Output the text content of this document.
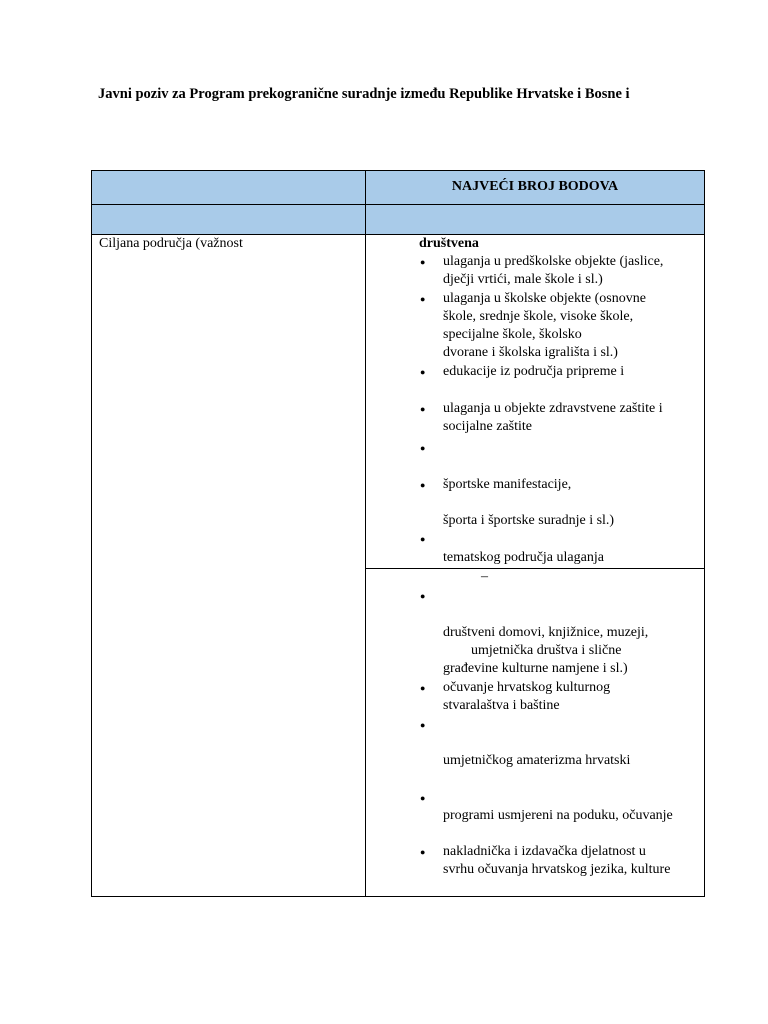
Javni poziv za Program prekogranične suradnje između Republike Hrvatske i Bosne i
NAJVEĆI BROJ BODOVA
Ciljana područja (važnost	društvena
● ulaganja u predškolske objekte (jaslice,
dječji vrtići, male škole i sl.)
● ulaganja u školske objekte (osnovne
škole, srednje škole, visoke škole,
specijalne škole, školsko
dvorane i školska igrališta i sl.)
● edukacije iz područja pripreme i
● ulaganja u objekte zdravstvene zaštite i
socijalne zaštite
●
● športske manifestacije,
športa i športske suradnje i sl.)
●
tematskog područja ulaganja
–
●
društveni domovi, knjižnice, muzeji,
umjetnička društva i slične
građevine kulturne namjene i sl.)
● očuvanje hrvatskog kulturnog
stvaralaštva i baštine
●
umjetničkog amaterizma hrvatski
●
programi usmjereni na poduku, očuvanje
● nakladnička i izdavačka djelatnost u
svrhu očuvanja hrvatskog jezika, kulture
